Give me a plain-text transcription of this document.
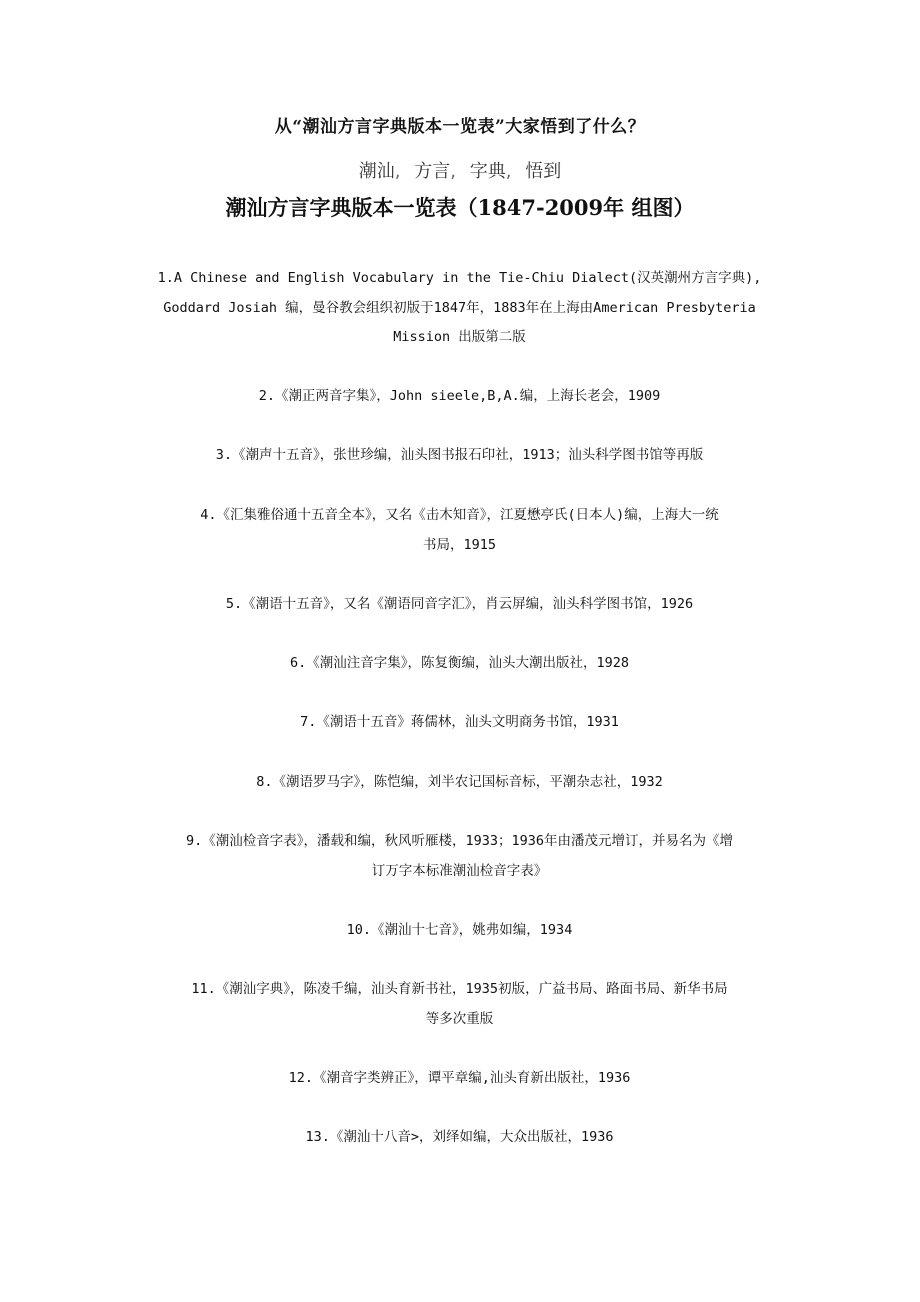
从“潮汕方言字典版本一览表”大家悟到了什么？
潮汕, 方言, 字典, 悟到
潮汕方言字典版本一览表（1847-2009年 组图）
1.A Chinese and English Vocabulary in the Tie-Chiu Dialect(汉英潮州方言字典),
Goddard Josiah 编，曼谷教会组织初版于1847年，1883年在上海由American Presbyteria
Mission 出版第二版
2.《潮正两音字集》，John sieele,B,A.编，上海长老会，1909
3.《潮声十五音》，张世珍编，汕头图书报石印社，1913；汕头科学图书馆等再版
4.《汇集雅俗通十五音全本》，又名《击木知音》，江夏懋亭氏(日本人)编，上海大一统
书局，1915
5.《潮语十五音》，又名《潮语同音字汇》，肖云屏编，汕头科学图书馆，1926
6.《潮汕注音字集》，陈复衡编，汕头大潮出版社，1928
7.《潮语十五音》蒋儒林，汕头文明商务书馆，1931
8.《潮语罗马字》，陈恺编，刘半农记国标音标，平潮杂志社，1932
9.《潮汕检音字表》，潘载和编，秋风听雁楼，1933；1936年由潘茂元增订，并易名为《增
订万字本标准潮汕检音字表》
10.《潮汕十七音》，姚弗如编，1934
11.《潮汕字典》，陈凌千编，汕头育新书社，1935初版，广益书局、路面书局、新华书局
等多次重版
12.《潮音字类辨正》，谭平章编,汕头育新出版社，1936
13.《潮汕十八音>，刘绎如编，大众出版社，1936
